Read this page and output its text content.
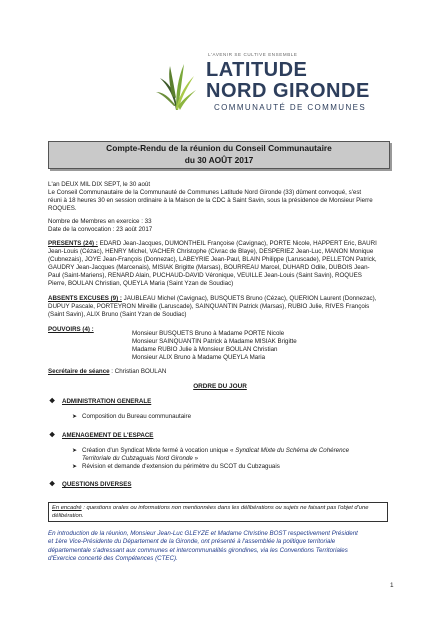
L'AVENIR SE CULTIVE ENSEMBLE
LATITUDE
NORD GIRONDE
COMMUNAUTÉ DE COMMUNES
Compte-Rendu de la réunion du Conseil Communautaire
du 30 AOÛT 2017
L'an DEUX MIL DIX SEPT, le 30 août
Le Conseil Communautaire de la Communauté de Communes Latitude Nord Gironde (33) dûment convoqué, s'est
réuni à 18 heures 30 en session ordinaire à la Maison de la CDC à Saint Savin, sous la présidence de Monsieur Pierre
ROQUES.
Nombre de Membres en exercice : 33
Date de la convocation : 23 août 2017
PRESENTS (24) : EDARD Jean-Jacques, DUMONTHEIL Françoise (Cavignac), PORTE Nicole, HAPPERT Eric, BAURI
Jean-Louis (Cézac), HENRY Michel, VACHER Christophe (Civrac de Blaye), DESPERIEZ Jean-Luc, MANON Monique
(Cubnezais), JOYE Jean-François (Donnezac), LABEYRIE Jean-Paul, BLAIN Philippe (Laruscade), PELLETON Patrick,
GAUDRY Jean-Jacques (Marcenais), MISIAK Brigitte (Marsas), BOURREAU Marcel, DUHARD Odile, DUBOIS Jean-
Paul (Saint-Mariens), RENARD Alain, PUCHAUD-DAVID Véronique, VEUILLE Jean-Louis (Saint Savin), ROQUES
Pierre, BOULAN Christian, QUEYLA Maria (Saint Yzan de Soudiac)
ABSENTS EXCUSES (9) : JAUBLEAU Michel (Cavignac), BUSQUETS Bruno (Cézac), QUERION Laurent (Donnezac),
DUPUY Pascale, PORTEYRON Mireille (Laruscade), SAINQUANTIN Patrick (Marsas), RUBIO Julie, RIVES François
(Saint Savin), ALIX Bruno (Saint Yzan de Soudiac)
POUVOIRS (4) :
Monsieur BUSQUETS Bruno à Madame PORTE Nicole
Monsieur SAINQUANTIN Patrick à Madame MISIAK Brigitte
Madame RUBIO Julie à Monsieur BOULAN Christian
Monsieur ALIX Bruno à Madame QUEYLA Maria
Secrétaire de séance : Christian BOULAN
ORDRE DU JOUR
❖ ADMINISTRATION GENERALE
➤ Composition du Bureau communautaire
❖ AMENAGEMENT DE L'ESPACE
➤ Création d'un Syndicat Mixte fermé à vocation unique « Syndicat Mixte du Schéma de Cohérence
Territoriale du Cubzaguais Nord Gironde »
➤ Révision et demande d'extension du périmètre du SCOT du Cubzaguais
❖ QUESTIONS DIVERSES
En encadré : questions orales ou informations non mentionnées dans les délibérations ou sujets ne faisant pas l'objet d'une
délibération.
En introduction de la réunion, Monsieur Jean-Luc GLEYZE et Madame Christine BOST respectivement Président
et 1ère Vice-Présidente du Département de la Gironde, ont présenté à l'assemblée la politique territoriale
départementale s'adressant aux communes et intercommunalités girondines, via les Conventions Territoriales
d'Exercice concerté des Compétences (CTEC).
1
